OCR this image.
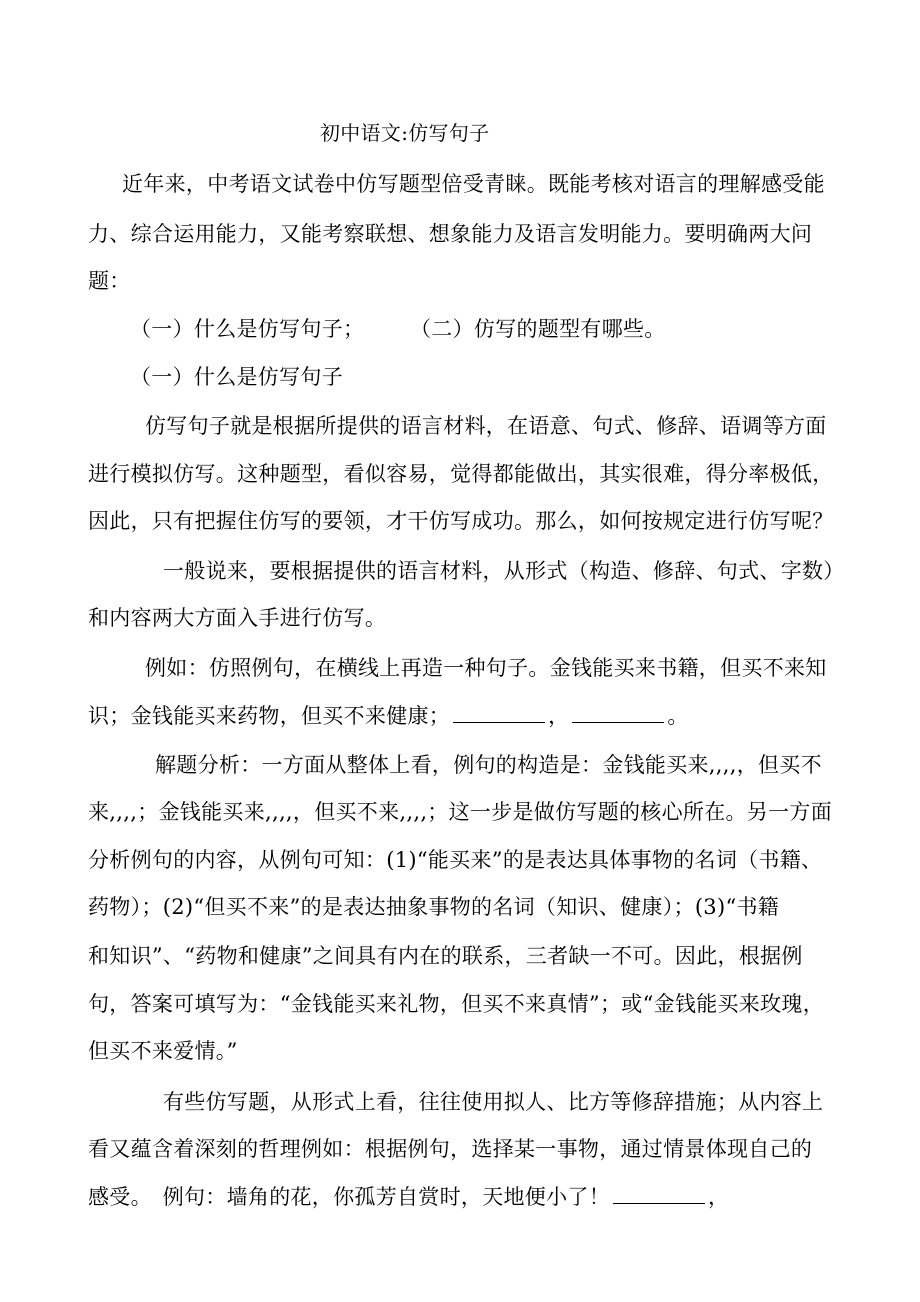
初中语文:仿写句子
近年来，中考语文试卷中仿写题型倍受青睐。既能考核对语言的理解感受能
力、综合运用能力，又能考察联想、想象能力及语言发明能力。要明确两大问
题：
（一）什么是仿写句子； （二）仿写的题型有哪些。
（一）什么是仿写句子
仿写句子就是根据所提供的语言材料，在语意、句式、修辞、语调等方面
进行模拟仿写。这种题型，看似容易，觉得都能做出，其实很难，得分率极低，
因此，只有把握住仿写的要领，才干仿写成功。那么，如何按规定进行仿写呢？
一般说来，要根据提供的语言材料，从形式（构造、修辞、句式、字数）
和内容两大方面入手进行仿写。
例如：仿照例句，在横线上再造一种句子。金钱能买来书籍，但买不来知
识；金钱能买来药物，但买不来健康；	，	。
解题分析：一方面从整体上看，例句的构造是：金钱能买来,,,,，但买不
来,,,,；金钱能买来,,,,，但买不来,,,,；这一步是做仿写题的核心所在。另一方面
分析例句的内容，从例句可知：(1)“能买来”的是表达具体事物的名词（书籍、
药物）；(2)“但买不来”的是表达抽象事物的名词（知识、健康）；(3)“书籍
和知识”、“药物和健康”之间具有内在的联系，三者缺一不可。因此，根据例
句，答案可填写为：“金钱能买来礼物，但买不来真情”；或“金钱能买来玫瑰，
但买不来爱情。”
有些仿写题，从形式上看，往往使用拟人、比方等修辞措施；从内容上
看又蕴含着深刻的哲理例如：根据例句，选择某一事物，通过情景体现自己的
感受。　例句：墙角的花，你孤芳自赏时，天地便小了！	，
